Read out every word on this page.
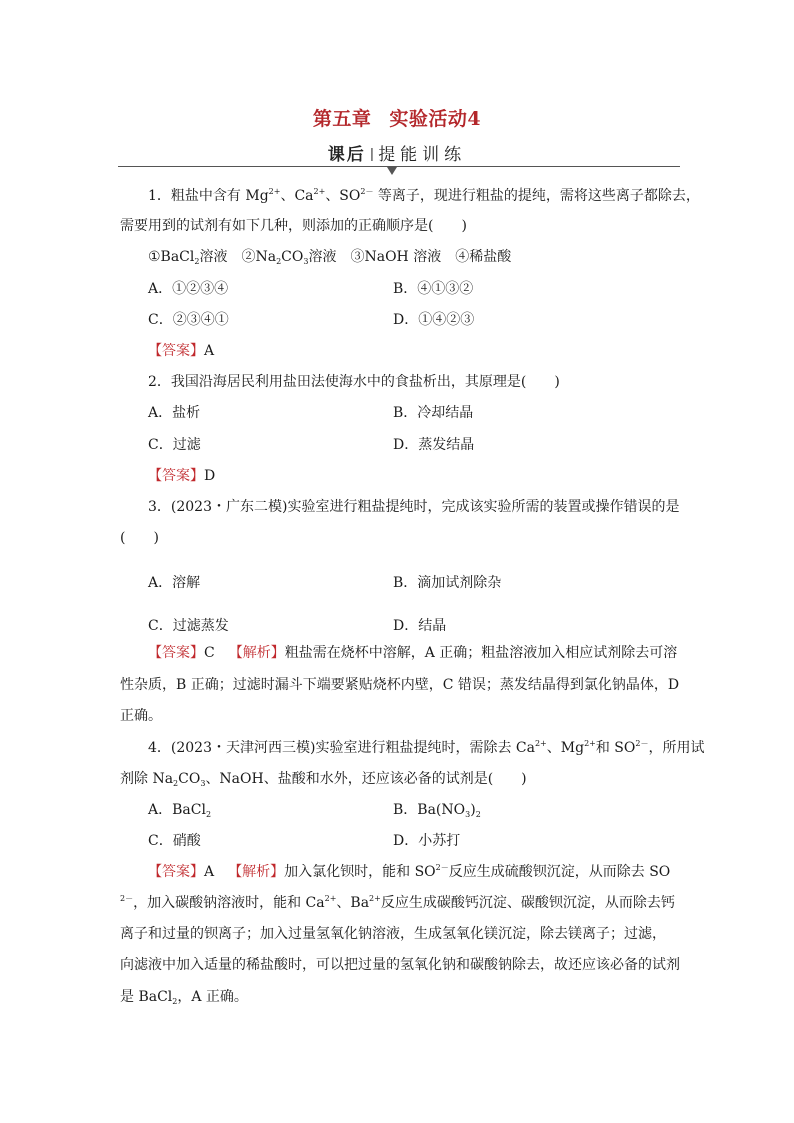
第五章 实验活动4
课后 | 提能训练
1．粗盐中含有 $Mg^{2+}$、$Ca^{2+}$、$SO^{2-}$ 等离子，现进行粗盐的提纯，需将这些离子都除去，
需要用到的试剂有如下几种，则添加的正确顺序是(　　)
①BaCl$_2$溶液　$②Na_2CO_3$溶液　③NaOH 溶液　④稀盐酸
A．①②③④	B．④①③②
C．②③④①	D．①④②③
【答案】A
2．我国沿海居民利用盐田法使海水中的食盐析出，其原理是(　　)
A．盐析	B．冷却结晶
C．过滤	D．蒸发结晶
【答案】D
3．(2023・广东二模)实验室进行粗盐提纯时，完成该实验所需的装置或操作错误的是
(　　)
A．溶解	B．滴加试剂除杂
C．过滤蒸发	D．结晶
【答案】C 【解析】粗盐需在烧杯中溶解，A 正确；粗盐溶液加入相应试剂除去可溶
性杂质，B 正确；过滤时漏斗下端要紧贴烧杯内壁，C 错误；蒸发结晶得到氯化钠晶体，D
正确。
4．(2023・天津河西三模)实验室进行粗盐提纯时，需除去 $Ca^{2+}$、$Mg^{2+}$和 $SO^{2-}$，所用试
剂除 $Na_2CO_3$、NaOH、盐酸和水外，还应该必备的试剂是(　　)
A．BaCl$_2$	B．$Ba(NO_3)_2$
C．硝酸	D．小苏打
【答案】A 【解析】加入氯化钡时，能和 $SO^{2-}$反应生成硫酸钡沉淀，从而除去 SO
$^{2-}$，加入碳酸钠溶液时，能和 $Ca^{2+}$、$Ba^{2+}$反应生成碳酸钙沉淀、碳酸钡沉淀，从而除去钙
离子和过量的钡离子；加入过量氢氧化钠溶液，生成氢氧化镁沉淀，除去镁离子；过滤，
向滤液中加入适量的稀盐酸时，可以把过量的氢氧化钠和碳酸钠除去，故还应该必备的试剂
是 BaCl$_2$，A 正确。
